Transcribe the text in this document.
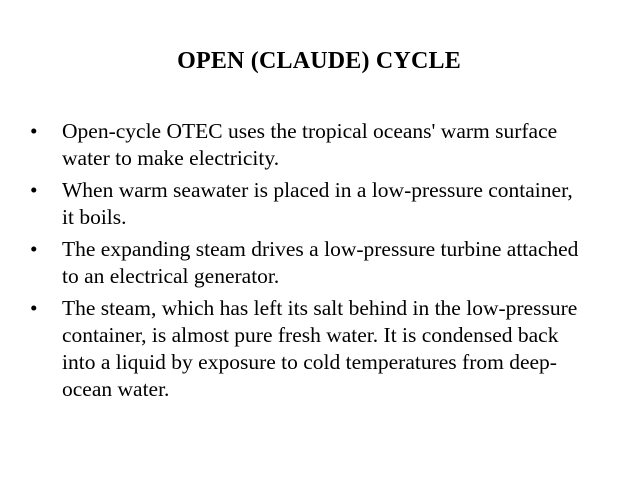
OPEN (CLAUDE) CYCLE
•	Open-cycle OTEC uses the tropical oceans' warm surface water to make electricity.
•	When warm seawater is placed in a low-pressure container, it boils.
•	The expanding steam drives a low-pressure turbine attached to an electrical generator.
•	The steam, which has left its salt behind in the low-pressure container, is almost pure fresh water. It is condensed back into a liquid by exposure to cold temperatures from deep-ocean water.
